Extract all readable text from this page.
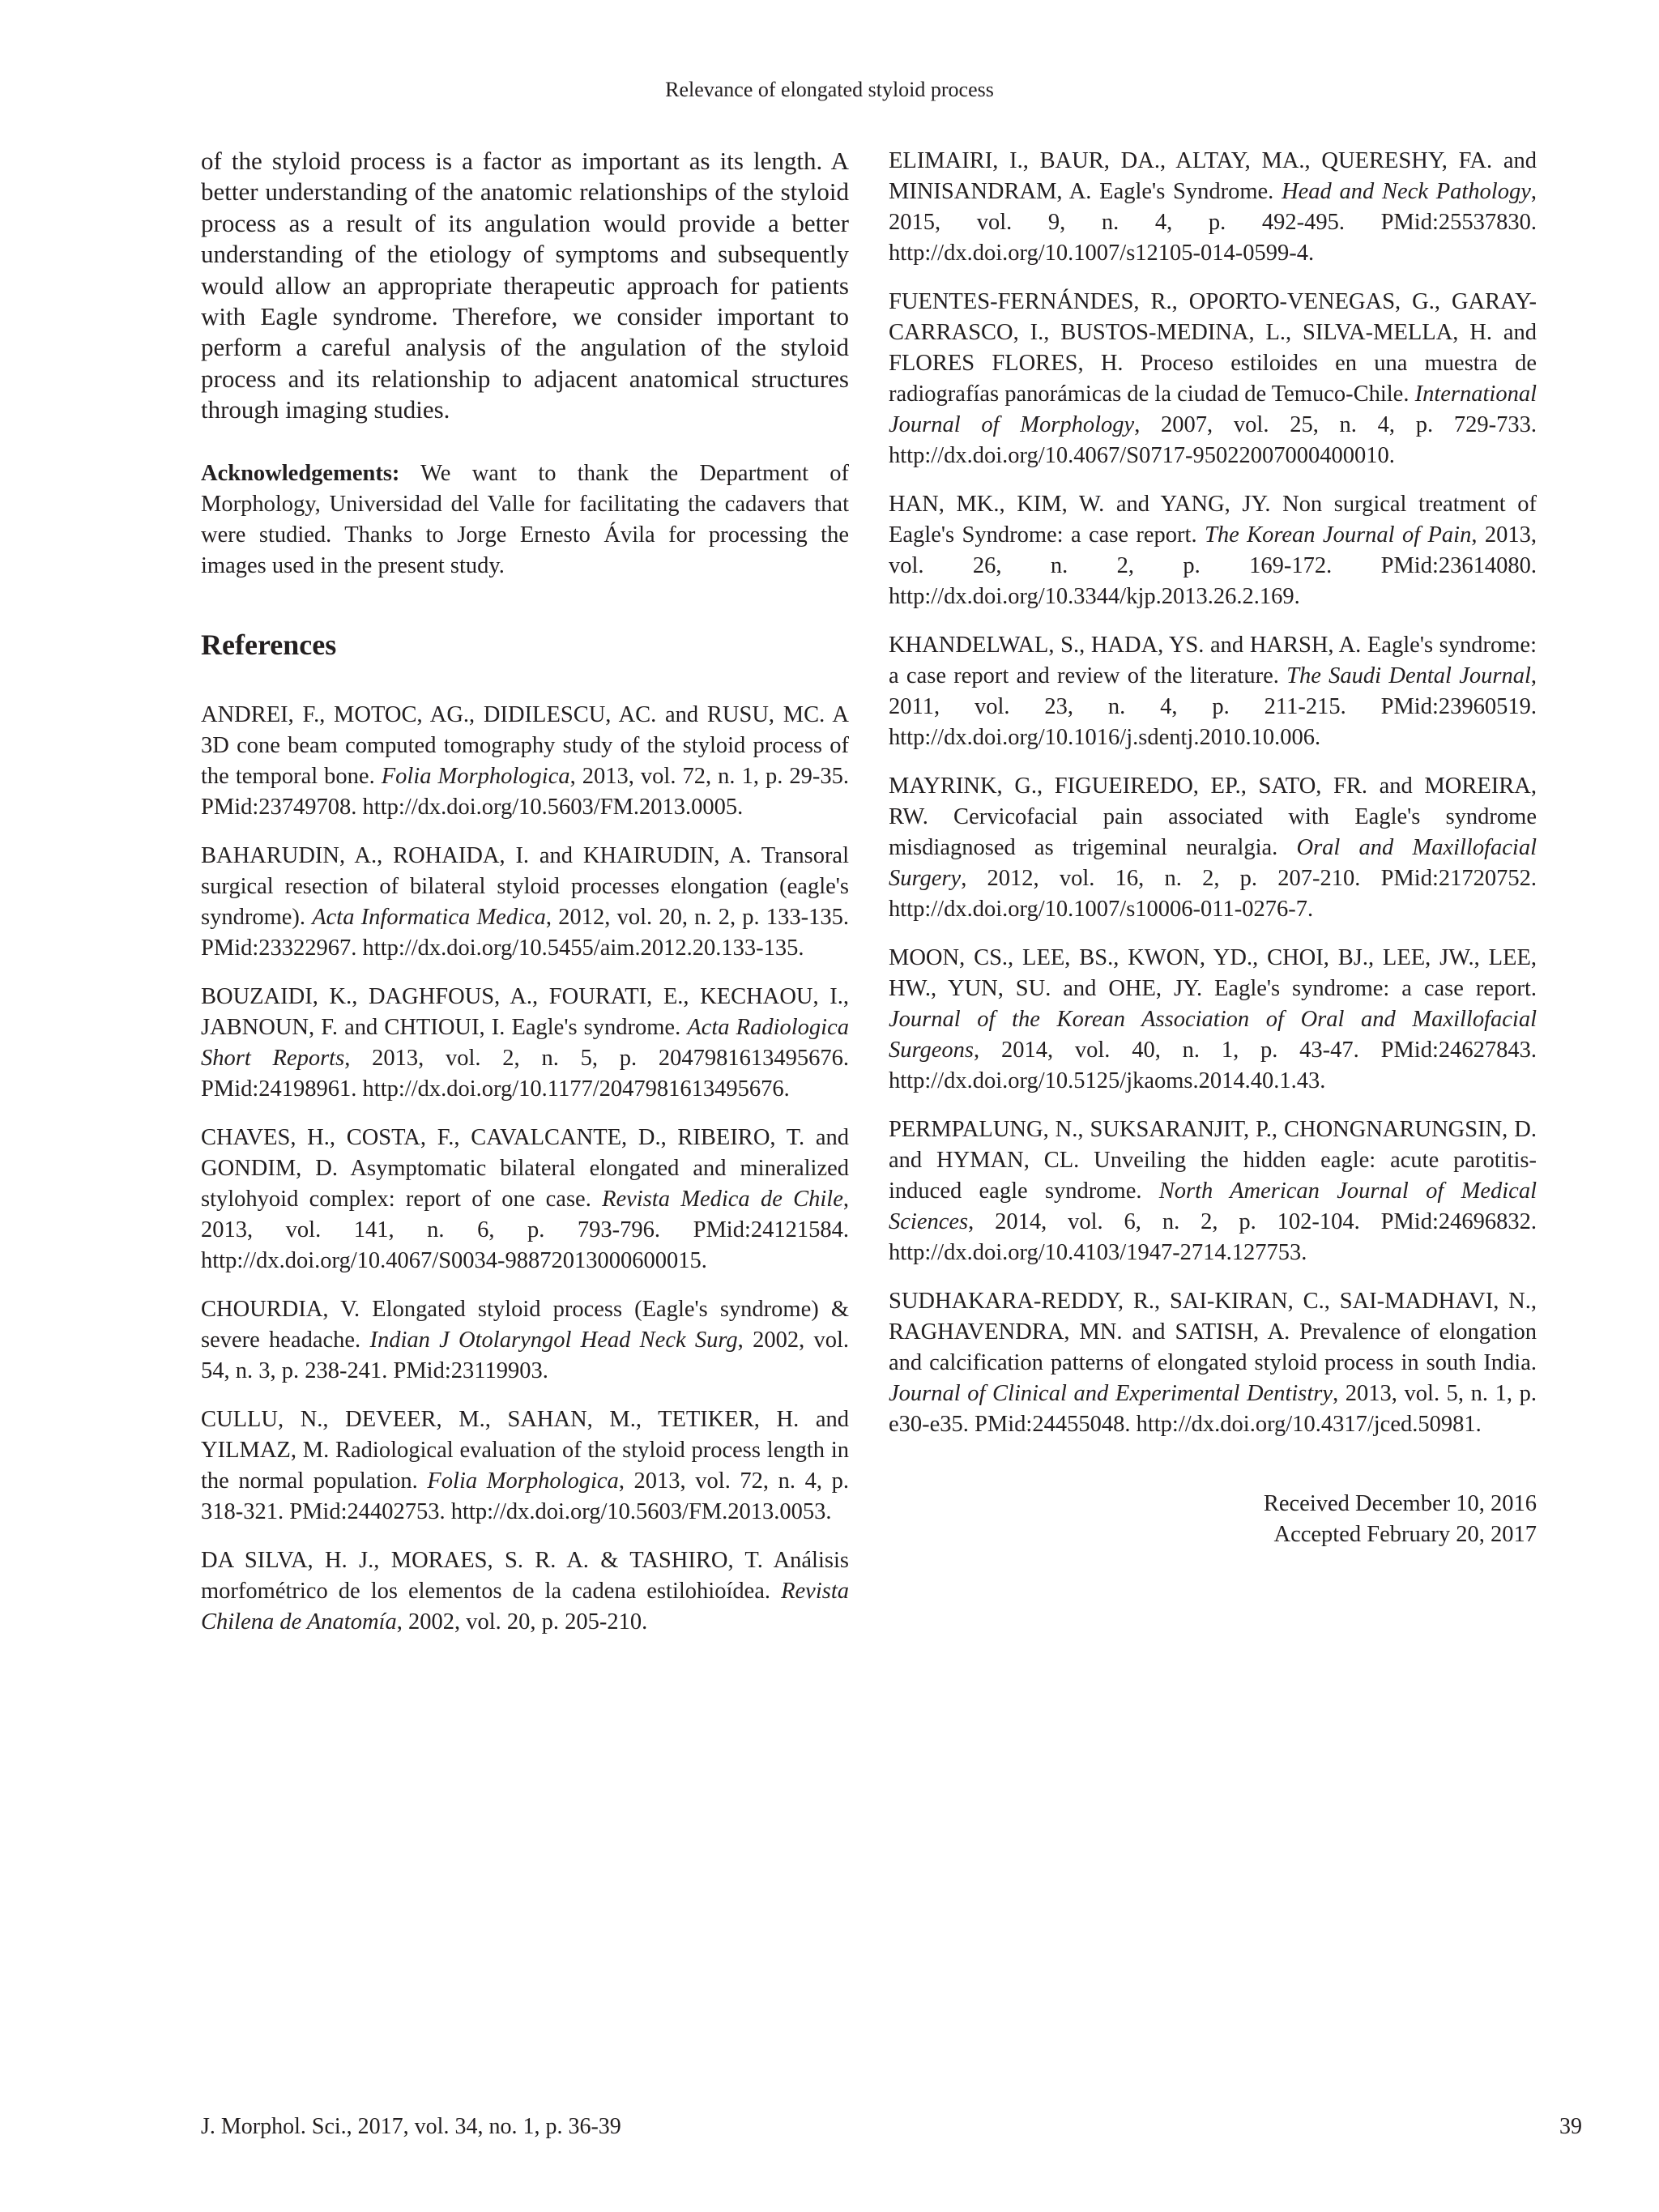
Relevance of elongated styloid process

of the styloid process is a factor as important as its length. A better understanding of the anatomic relationships of the styloid process as a result of its angulation would provide a better understanding of the etiology of symptoms and subsequently would allow an appropriate therapeutic approach for patients with Eagle syndrome. Therefore, we consider important to perform a careful analysis of the angulation of the styloid process and its relationship to adjacent anatomical structures through imaging studies.

Acknowledgements: We want to thank the Department of Morphology, Universidad del Valle for facilitating the cadavers that were studied. Thanks to Jorge Ernesto Ávila for processing the images used in the present study.

References

ANDREI, F., MOTOC, AG., DIDILESCU, AC. and RUSU, MC. A 3D cone beam computed tomography study of the styloid process of the temporal bone. Folia Morphologica, 2013, vol. 72, n. 1, p. 29-35. PMid:23749708. http://dx.doi.org/10.5603/FM.2013.0005.

BAHARUDIN, A., ROHAIDA, I. and KHAIRUDIN, A. Transoral surgical resection of bilateral styloid processes elongation (eagle's syndrome). Acta Informatica Medica, 2012, vol. 20, n. 2, p. 133-135. PMid:23322967. http://dx.doi.org/10.5455/aim.2012.20.133-135.

BOUZAIDI, K., DAGHFOUS, A., FOURATI, E., KECHAOU, I., JABNOUN, F. and CHTIOUI, I. Eagle's syndrome. Acta Radiologica Short Reports, 2013, vol. 2, n. 5, p. 2047981613495676. PMid:24198961. http://dx.doi.org/10.1177/2047981613495676.

CHAVES, H., COSTA, F., CAVALCANTE, D., RIBEIRO, T. and GONDIM, D. Asymptomatic bilateral elongated and mineralized stylohyoid complex: report of one case. Revista Medica de Chile, 2013, vol. 141, n. 6, p. 793-796. PMid:24121584. http://dx.doi.org/10.4067/S0034-98872013000600015.

CHOURDIA, V. Elongated styloid process (Eagle's syndrome) & severe headache. Indian J Otolaryngol Head Neck Surg, 2002, vol. 54, n. 3, p. 238-241. PMid:23119903.

CULLU, N., DEVEER, M., SAHAN, M., TETIKER, H. and YILMAZ, M. Radiological evaluation of the styloid process length in the normal population. Folia Morphologica, 2013, vol. 72, n. 4, p. 318-321. PMid:24402753. http://dx.doi.org/10.5603/FM.2013.0053.

DA SILVA, H. J., MORAES, S. R. A. & TASHIRO, T. Análisis morfométrico de los elementos de la cadena estilohioídea. Revista Chilena de Anatomía, 2002, vol. 20, p. 205-210.

ELIMAIRI, I., BAUR, DA., ALTAY, MA., QUERESHY, FA. and MINISANDRAM, A. Eagle's Syndrome. Head and Neck Pathology, 2015, vol. 9, n. 4, p. 492-495. PMid:25537830. http://dx.doi.org/10.1007/s12105-014-0599-4.

FUENTES-FERNÁNDES, R., OPORTO-VENEGAS, G., GARAY-CARRASCO, I., BUSTOS-MEDINA, L., SILVA-MELLA, H. and FLORES FLORES, H. Proceso estiloides en una muestra de radiografías panorámicas de la ciudad de Temuco-Chile. International Journal of Morphology, 2007, vol. 25, n. 4, p. 729-733. http://dx.doi.org/10.4067/S0717-95022007000400010.

HAN, MK., KIM, W. and YANG, JY. Non surgical treatment of Eagle's Syndrome: a case report. The Korean Journal of Pain, 2013, vol. 26, n. 2, p. 169-172. PMid:23614080. http://dx.doi.org/10.3344/kjp.2013.26.2.169.

KHANDELWAL, S., HADA, YS. and HARSH, A. Eagle's syndrome: a case report and review of the literature. The Saudi Dental Journal, 2011, vol. 23, n. 4, p. 211-215. PMid:23960519. http://dx.doi.org/10.1016/j.sdentj.2010.10.006.

MAYRINK, G., FIGUEIREDO, EP., SATO, FR. and MOREIRA, RW. Cervicofacial pain associated with Eagle's syndrome misdiagnosed as trigeminal neuralgia. Oral and Maxillofacial Surgery, 2012, vol. 16, n. 2, p. 207-210. PMid:21720752. http://dx.doi.org/10.1007/s10006-011-0276-7.

MOON, CS., LEE, BS., KWON, YD., CHOI, BJ., LEE, JW., LEE, HW., YUN, SU. and OHE, JY. Eagle's syndrome: a case report. Journal of the Korean Association of Oral and Maxillofacial Surgeons, 2014, vol. 40, n. 1, p. 43-47. PMid:24627843. http://dx.doi.org/10.5125/jkaoms.2014.40.1.43.

PERMPALUNG, N., SUKSARANJIT, P., CHONGNARUNGSIN, D. and HYMAN, CL. Unveiling the hidden eagle: acute parotitis-induced eagle syndrome. North American Journal of Medical Sciences, 2014, vol. 6, n. 2, p. 102-104. PMid:24696832. http://dx.doi.org/10.4103/1947-2714.127753.

SUDHAKARA-REDDY, R., SAI-KIRAN, C., SAI-MADHAVI, N., RAGHAVENDRA, MN. and SATISH, A. Prevalence of elongation and calcification patterns of elongated styloid process in south India. Journal of Clinical and Experimental Dentistry, 2013, vol. 5, n. 1, p. e30-e35. PMid:24455048. http://dx.doi.org/10.4317/jced.50981.

Received December 10, 2016
Accepted February 20, 2017
J. Morphol. Sci., 2017, vol. 34, no. 1, p. 36-39	39
